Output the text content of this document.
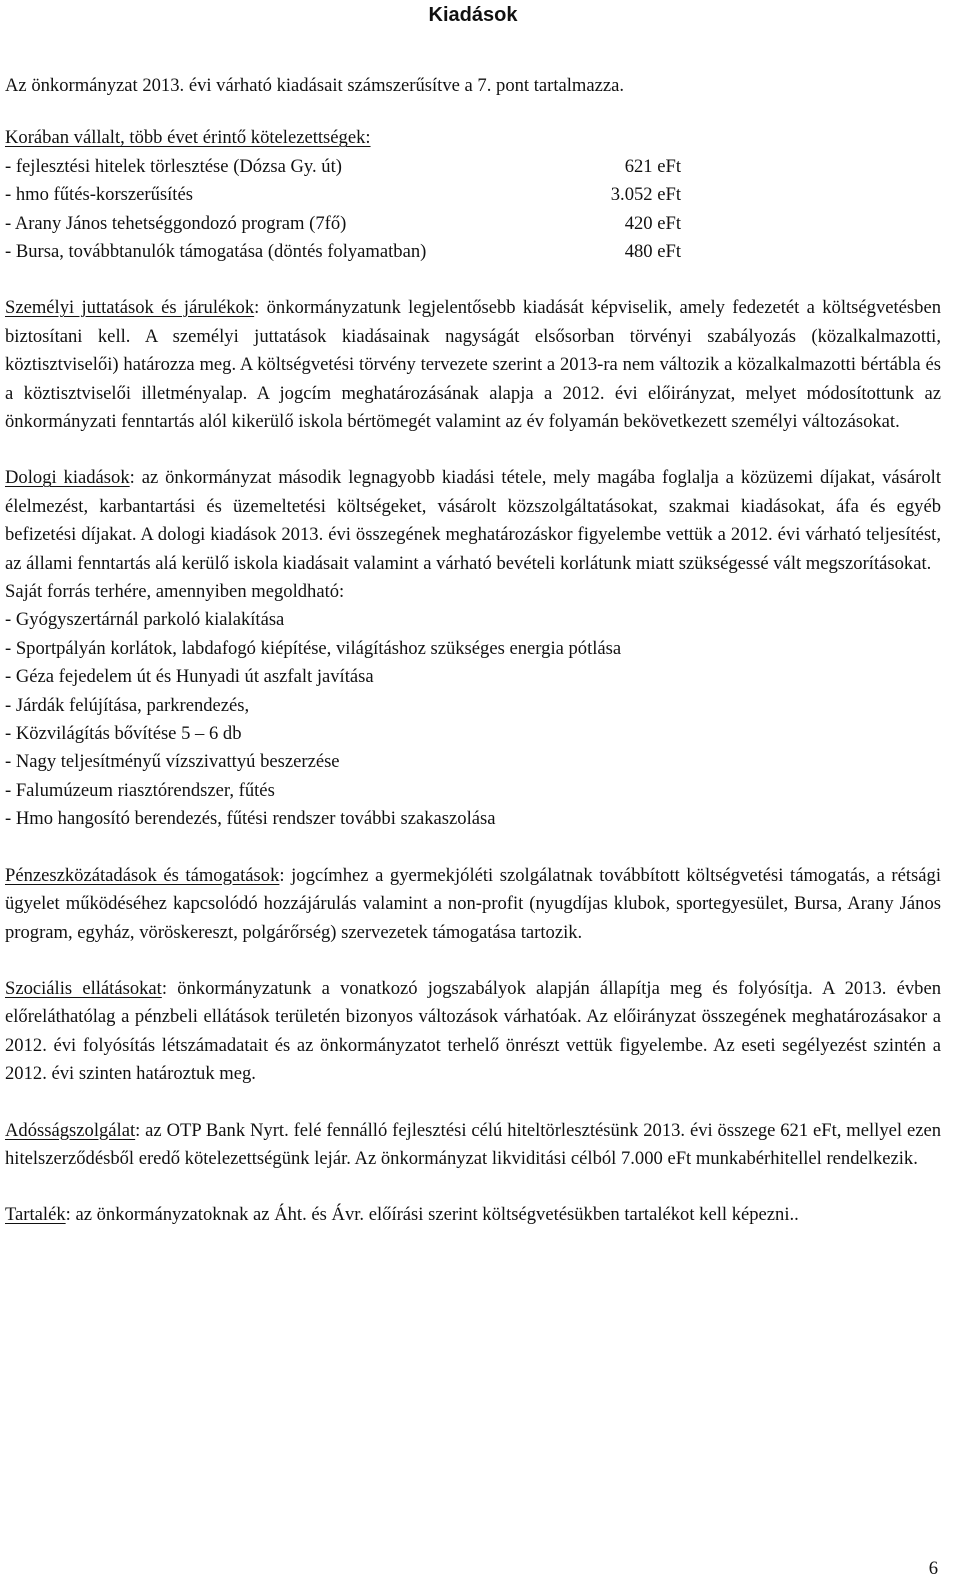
Kiadások

Az önkormányzat 2013. évi várható kiadásait számszerűsítve a 7. pont tartalmazza.

Korában vállalt, több évet érintő kötelezettségek:

- fejlesztési hitelek törlesztése (Dózsa Gy. út)	621 eFt
- hmo fűtés-korszerűsítés	3.052 eFt
- Arany János tehetséggondozó program (7fő)	420 eFt
- Bursa, továbbtanulók támogatása (döntés folyamatban)	480 eFt

Személyi juttatások és járulékok: önkormányzatunk legjelentősebb kiadását képviselik, amely fedezetét a költségvetésben biztosítani kell. A személyi juttatások kiadásainak nagyságát elsősorban törvényi szabályozás (közalkalmazotti, köztisztviselői) határozza meg. A költségvetési törvény tervezete szerint a 2013-ra nem változik a közalkalmazotti bértábla és a köztisztviselői illetményalap. A jogcím meghatározásának alapja a 2012. évi előirányzat, melyet módosítottunk az önkormányzati fenntartás alól kikerülő iskola bértömegét valamint az év folyamán bekövetkezett személyi változásokat.

Dologi kiadások: az önkormányzat második legnagyobb kiadási tétele, mely magába foglalja a közüzemi díjakat, vásárolt élelmezést, karbantartási és üzemeltetési költségeket, vásárolt közszolgáltatásokat, szakmai kiadásokat, áfa és egyéb befizetési díjakat. A dologi kiadások 2013. évi összegének meghatározáskor figyelembe vettük a 2012. évi várható teljesítést, az állami fenntartás alá kerülő iskola kiadásait valamint a várható bevételi korlátunk miatt szükségessé vált megszorításokat.

Saját forrás terhére, amennyiben megoldható:

- Gyógyszertárnál parkoló kialakítása
- Sportpályán korlátok, labdafogó kiépítése, világításhoz szükséges energia pótlása
- Géza fejedelem út és Hunyadi út aszfalt javítása
- Járdák felújítása, parkrendezés,
- Közvilágítás bővítése 5 – 6 db
- Nagy teljesítményű vízszivattyú beszerzése
- Falumúzeum riasztórendszer, fűtés
- Hmo hangosító berendezés, fűtési rendszer további szakaszolása

Pénzeszközátadások és támogatások: jogcímhez a gyermekjóléti szolgálatnak továbbított költségvetési támogatás, a rétsági ügyelet működéséhez kapcsolódó hozzájárulás valamint a non-profit (nyugdíjas klubok, sportegyesület, Bursa, Arany János program, egyház, vöröskereszt, polgárőrség) szervezetek támogatása tartozik.

Szociális ellátásokat: önkormányzatunk a vonatkozó jogszabályok alapján állapítja meg és folyósítja. A 2013. évben előreláthatólag a pénzbeli ellátások területén bizonyos változások várhatóak. Az előirányzat összegének meghatározásakor a 2012. évi folyósítás létszámadatait és az önkormányzatot terhelő önrészt vettük figyelembe. Az eseti segélyezést szintén a 2012. évi szinten határoztuk meg.

Adósságszolgálat: az OTP Bank Nyrt. felé fennálló fejlesztési célú hiteltörlesztésünk 2013. évi összege 621 eFt, mellyel ezen hitelszerződésből eredő kötelezettségünk lejár. Az önkormányzat likviditási célból 7.000 eFt munkabérhitellel rendelkezik.

Tartalék: az önkormányzatoknak az Áht. és Ávr. előírási szerint költségvetésükben tartalékot kell képezni..

6
